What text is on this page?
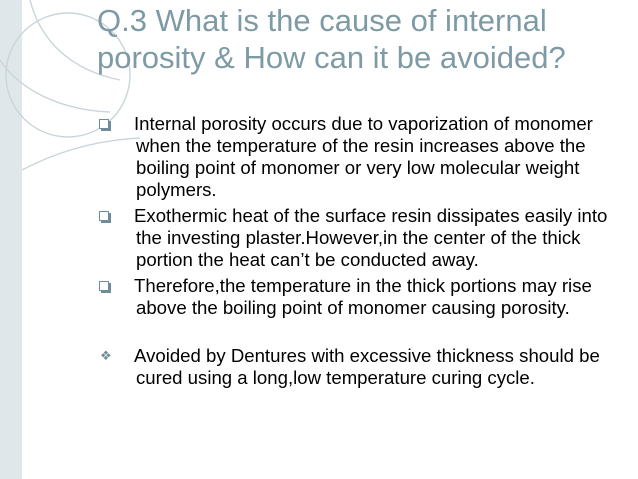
Q.3 What is the cause of internal porosity & How can it be avoided?
Internal porosity occurs due to vaporization of monomer when the temperature of the resin increases above the boiling point of monomer or very low molecular weight polymers.
Exothermic heat of the surface resin dissipates easily into the investing plaster.However,in the center of the thick portion the heat can’t be conducted away.
Therefore,the temperature in the thick portions may rise above the boiling point of monomer causing porosity.
❖	Avoided by Dentures with excessive thickness should be cured using a long,low temperature curing cycle.
